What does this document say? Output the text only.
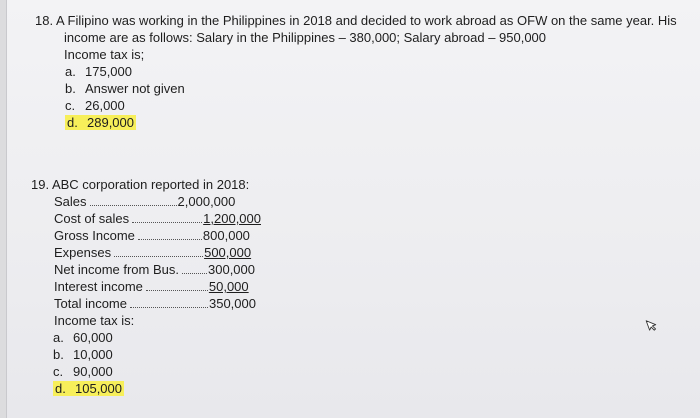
18. A Filipino was working in the Philippines in 2018 and decided to work abroad as OFW on the same year. His
income are as follows: Salary in the Philippines – 380,000; Salary abroad – 950,000
Income tax is;
a. 175,000
b. Answer not given
c. 26,000
d. 289,000
19. ABC corporation reported in 2018:
Sales	2,000,000
Cost of sales	1,200,000
Gross Income	800,000
Expenses	500,000
Net income from Bus. 300,000
Interest income	50,000
Total income	350,000
Income tax is:
a. 60,000
b. 10,000
c. 90,000
d. 105,000
